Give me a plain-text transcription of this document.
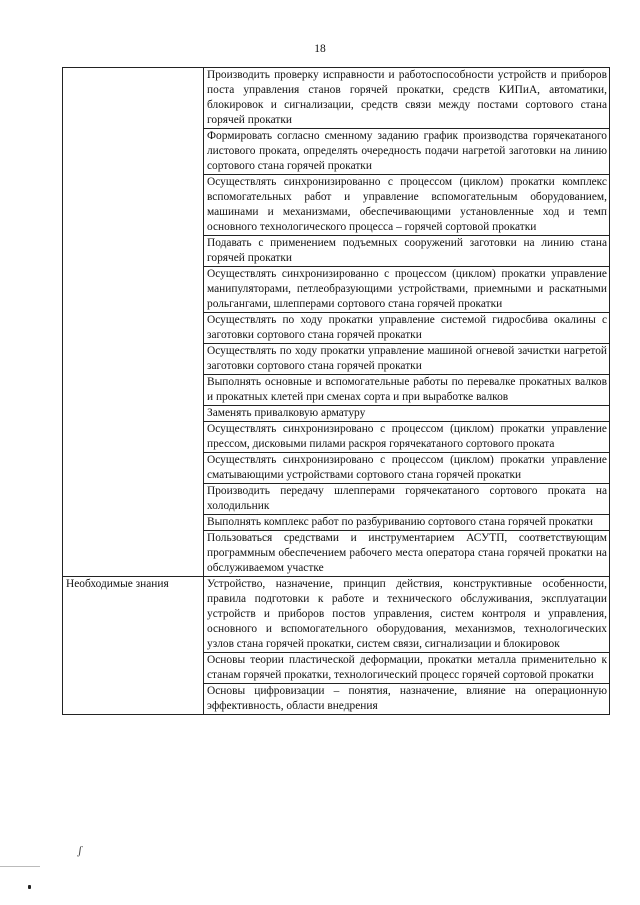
18
	Производить проверку исправности и работоспособности устройств и приборов поста управления станов горячей прокатки, средств КИПиА, автоматики, блокировок и сигнализации, средств связи между постами сортового стана горячей прокатки
	Формировать согласно сменному заданию график производства горячекатаного листового проката, определять очередность подачи нагретой заготовки на линию сортового стана горячей прокатки
	Осуществлять синхронизированно с процессом (циклом) прокатки комплекс вспомогательных работ и управление вспомогательным оборудованием, машинами и механизмами, обеспечивающими установленные ход и темп основного технологического процесса – горячей сортовой прокатки
	Подавать с применением подъемных сооружений заготовки на линию стана горячей прокатки
	Осуществлять синхронизированно с процессом (циклом) прокатки управление манипуляторами, петлеобразующими устройствами, приемными и раскатными рольгангами, шлепперами сортового стана горячей прокатки
	Осуществлять по ходу прокатки управление системой гидросбива окалины с заготовки сортового стана горячей прокатки
	Осуществлять по ходу прокатки управление машиной огневой зачистки нагретой заготовки сортового стана горячей прокатки
	Выполнять основные и вспомогательные работы по перевалке прокатных валков и прокатных клетей при сменах сорта и при выработке валков
	Заменять привалковую арматуру
	Осуществлять синхронизировано с процессом (циклом) прокатки управление прессом, дисковыми пилами раскроя горячекатаного сортового проката
	Осуществлять синхронизировано с процессом (циклом) прокатки управление сматывающими устройствами сортового стана горячей прокатки
	Производить передачу шлепперами горячекатаного сортового проката на холодильник
	Выполнять комплекс работ по разбуриванию сортового стана горячей прокатки
	Пользоваться средствами и инструментарием АСУТП, соответствующим программным обеспечением рабочего места оператора стана горячей прокатки на обслуживаемом участке
Необходимые знания	Устройство, назначение, принцип действия, конструктивные особенности, правила подготовки к работе и технического обслуживания, эксплуатации устройств и приборов постов управления, систем контроля и управления, основного и вспомогательного оборудования, механизмов, технологических узлов стана горячей прокатки, систем связи, сигнализации и блокировок
	Основы теории пластической деформации, прокатки металла применительно к станам горячей прокатки, технологический процесс горячей сортовой прокатки
	Основы цифровизации – понятия, назначение, влияние на операционную эффективность, области внедрения
ʃ
